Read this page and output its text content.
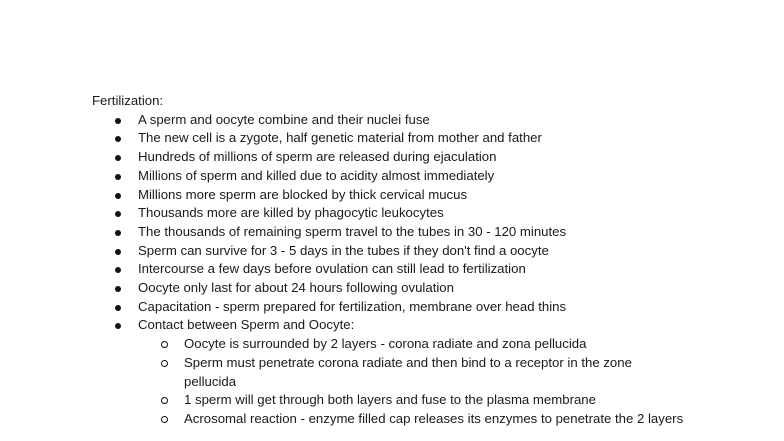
Fertilization:

A sperm and oocyte combine and their nuclei fuse
The new cell is a zygote, half genetic material from mother and father
Hundreds of millions of sperm are released during ejaculation
Millions of sperm and killed due to acidity almost immediately
Millions more sperm are blocked by thick cervical mucus
Thousands more are killed by phagocytic leukocytes
The thousands of remaining sperm travel to the tubes in 30 - 120 minutes
Sperm can survive for 3 - 5 days in the tubes if they don't find a oocyte
Intercourse a few days before ovulation can still lead to fertilization
Oocyte only last for about 24 hours following ovulation
Capacitation - sperm prepared for fertilization, membrane over head thins
Contact between Sperm and Oocyte:
Oocyte is surrounded by 2 layers - corona radiate and zona pellucida
Sperm must penetrate corona radiate and then bind to a receptor in the zone pellucida
1 sperm will get through both layers and fuse to the plasma membrane
Acrosomal reaction - enzyme filled cap releases its enzymes to penetrate the 2 layers
